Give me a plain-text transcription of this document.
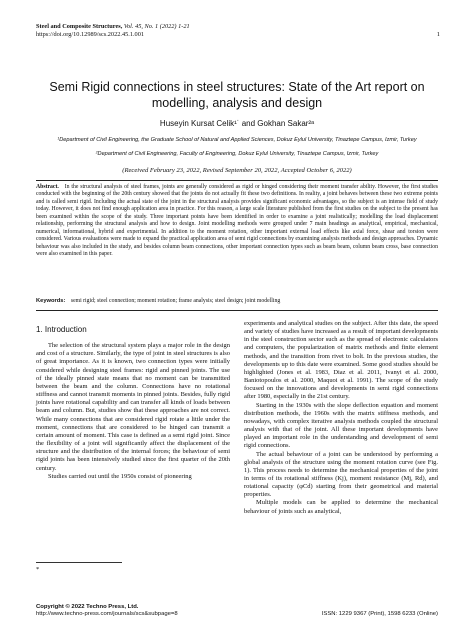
Steel and Composite Structures, Vol. 45, No. 1 (2022) 1-21
https://doi.org/10.12989/scs.2022.45.1.001	1
Semi Rigid connections in steel structures: State of the Art report on modelling, analysis and design
Huseyin Kursat Celik¹˙ and Gokhan Sakar²ᵃ
¹Department of Civil Engineering, the Graduate School of Natural and Applied Sciences, Dokuz Eylul University, Tinaztepe Campus, Izmir, Turkey
²Department of Civil Engineering, Faculty of Engineering, Dokuz Eylul University, Tinaztepe Campus, Izmir, Turkey
(Received February 23, 2022, Revised September 20, 2022, Accepted October 6, 2022)
Abstract. In the structural analysis of steel frames, joints are generally considered as rigid or hinged considering their moment transfer ability. However, the first studies conducted with the beginning of the 20th century showed that the joints do not actually fit these two definitions. In reality, a joint behaves between these two extreme points and is called semi rigid. Including the actual state of the joint in the structural analysis provides significant economic advantages, so the subject is an intense field of study today. However, it does not find enough application area in practice. For this reason, a large scale literature published from the first studies on the subject to the present has been examined within the scope of the study. Three important points have been identified in order to examine a joint realistically; modelling the load displacement relationship, performing the structural analysis and how to design. Joint modelling methods were grouped under 7 main headings as analytical, empirical, mechanical, numerical, informational, hybrid and experimental. In addition to the moment rotation, other important external load effects like axial force, shear and torsion were considered. Various evaluations were made to expand the practical application area of semi rigid connections by examining analysis methods and design approaches. Dynamic behaviour was also included in the study, and besides column beam connections, other important connection types such as beam beam, column beam cross, base connection were also examined in this paper.
Keywords: semi rigid; steel connection; moment rotation; frame analysis; steel design; joint modelling
1. Introduction

The selection of the structural system plays a major role in the design and cost of a structure. Similarly, the type of joint in steel structures is also of great importance. As it is known, two connection types were initially considered while designing steel frames: rigid and pinned joints. The use of the ideally pinned state means that no moment can be transmitted between the beam and the column. Connections have no rotational stiffness and cannot transmit moments in pinned joints. Besides, fully rigid joints have rotational capability and can transfer all kinds of loads between beam and column. But, studies show that these approaches are not correct. While many connections that are considered rigid rotate a little under the moment, connections that are considered to be hinged can transmit a certain amount of moment. This case is defined as a semi rigid joint. Since the flexibility of a joint will significantly affect the displacement of the structure and the distribution of the internal forces; the behaviour of semi rigid joints has been intensively studied since the first quarter of the 20th century.

Studies carried out until the 1950s consist of pioneering

experiments and analytical studies on the subject. After this date, the speed and variety of studies have increased as a result of important developments in the steel construction sector such as the spread of electronic calculators and computers, the popularization of matrix methods and finite element methods, and the transition from rivet to bolt. In the previous studies, the developments up to this date were examined. Some good studies should be highlighted (Jones et al. 1983, Diaz et al. 2011, Ivanyi et al. 2000, Baniotopoulos et al. 2000, Maquoi et al. 1991). The scope of the study focused on the innovations and developments in semi rigid connections after 1980, especially in the 21st century.

Starting in the 1930s with the slope deflection equation and moment distribution methods, the 1960s with the matrix stiffness methods, and nowadays, with complex iterative analysis methods coupled the structural analysis with that of the joint. All these important developments have played an important role in the understanding and development of semi rigid connections.

The actual behaviour of a joint can be understood by performing a global analysis of the structure using the moment rotation curve (see Fig. 1). This process needs to determine the mechanical properties of the joint in terms of its rotational stiffness (Kj), moment resistance (Mj, Rd), and rotational capacity (φCd) starting from their geometrical and material properties.

Multiple models can be applied to determine the mechanical behaviour of joints such as analytical,

*
Copyright © 2022 Techno Press, Ltd.
http://www.techno-press.com/journals/scs&subpage=8	ISSN: 1229 9367 (Print), 1598 6233 (Online)
